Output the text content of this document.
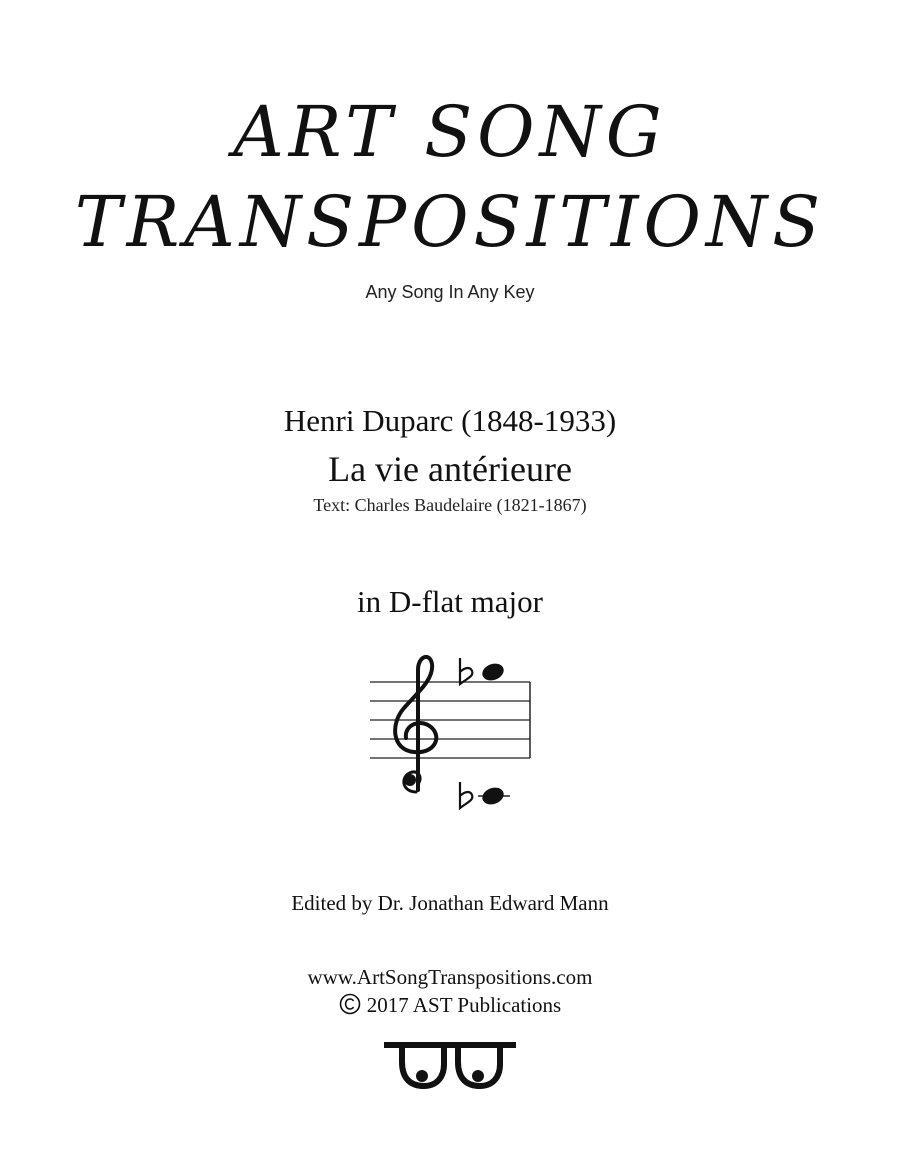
ART SONG
TRANSPOSITIONS
Any Song In Any Key
Henri Duparc (1848-1933)
La vie antérieure
Text: Charles Baudelaire (1821-1867)
in D-flat major
Edited by Dr. Jonathan Edward Mann
www.ArtSongTranspositions.com
2017 AST Publications
